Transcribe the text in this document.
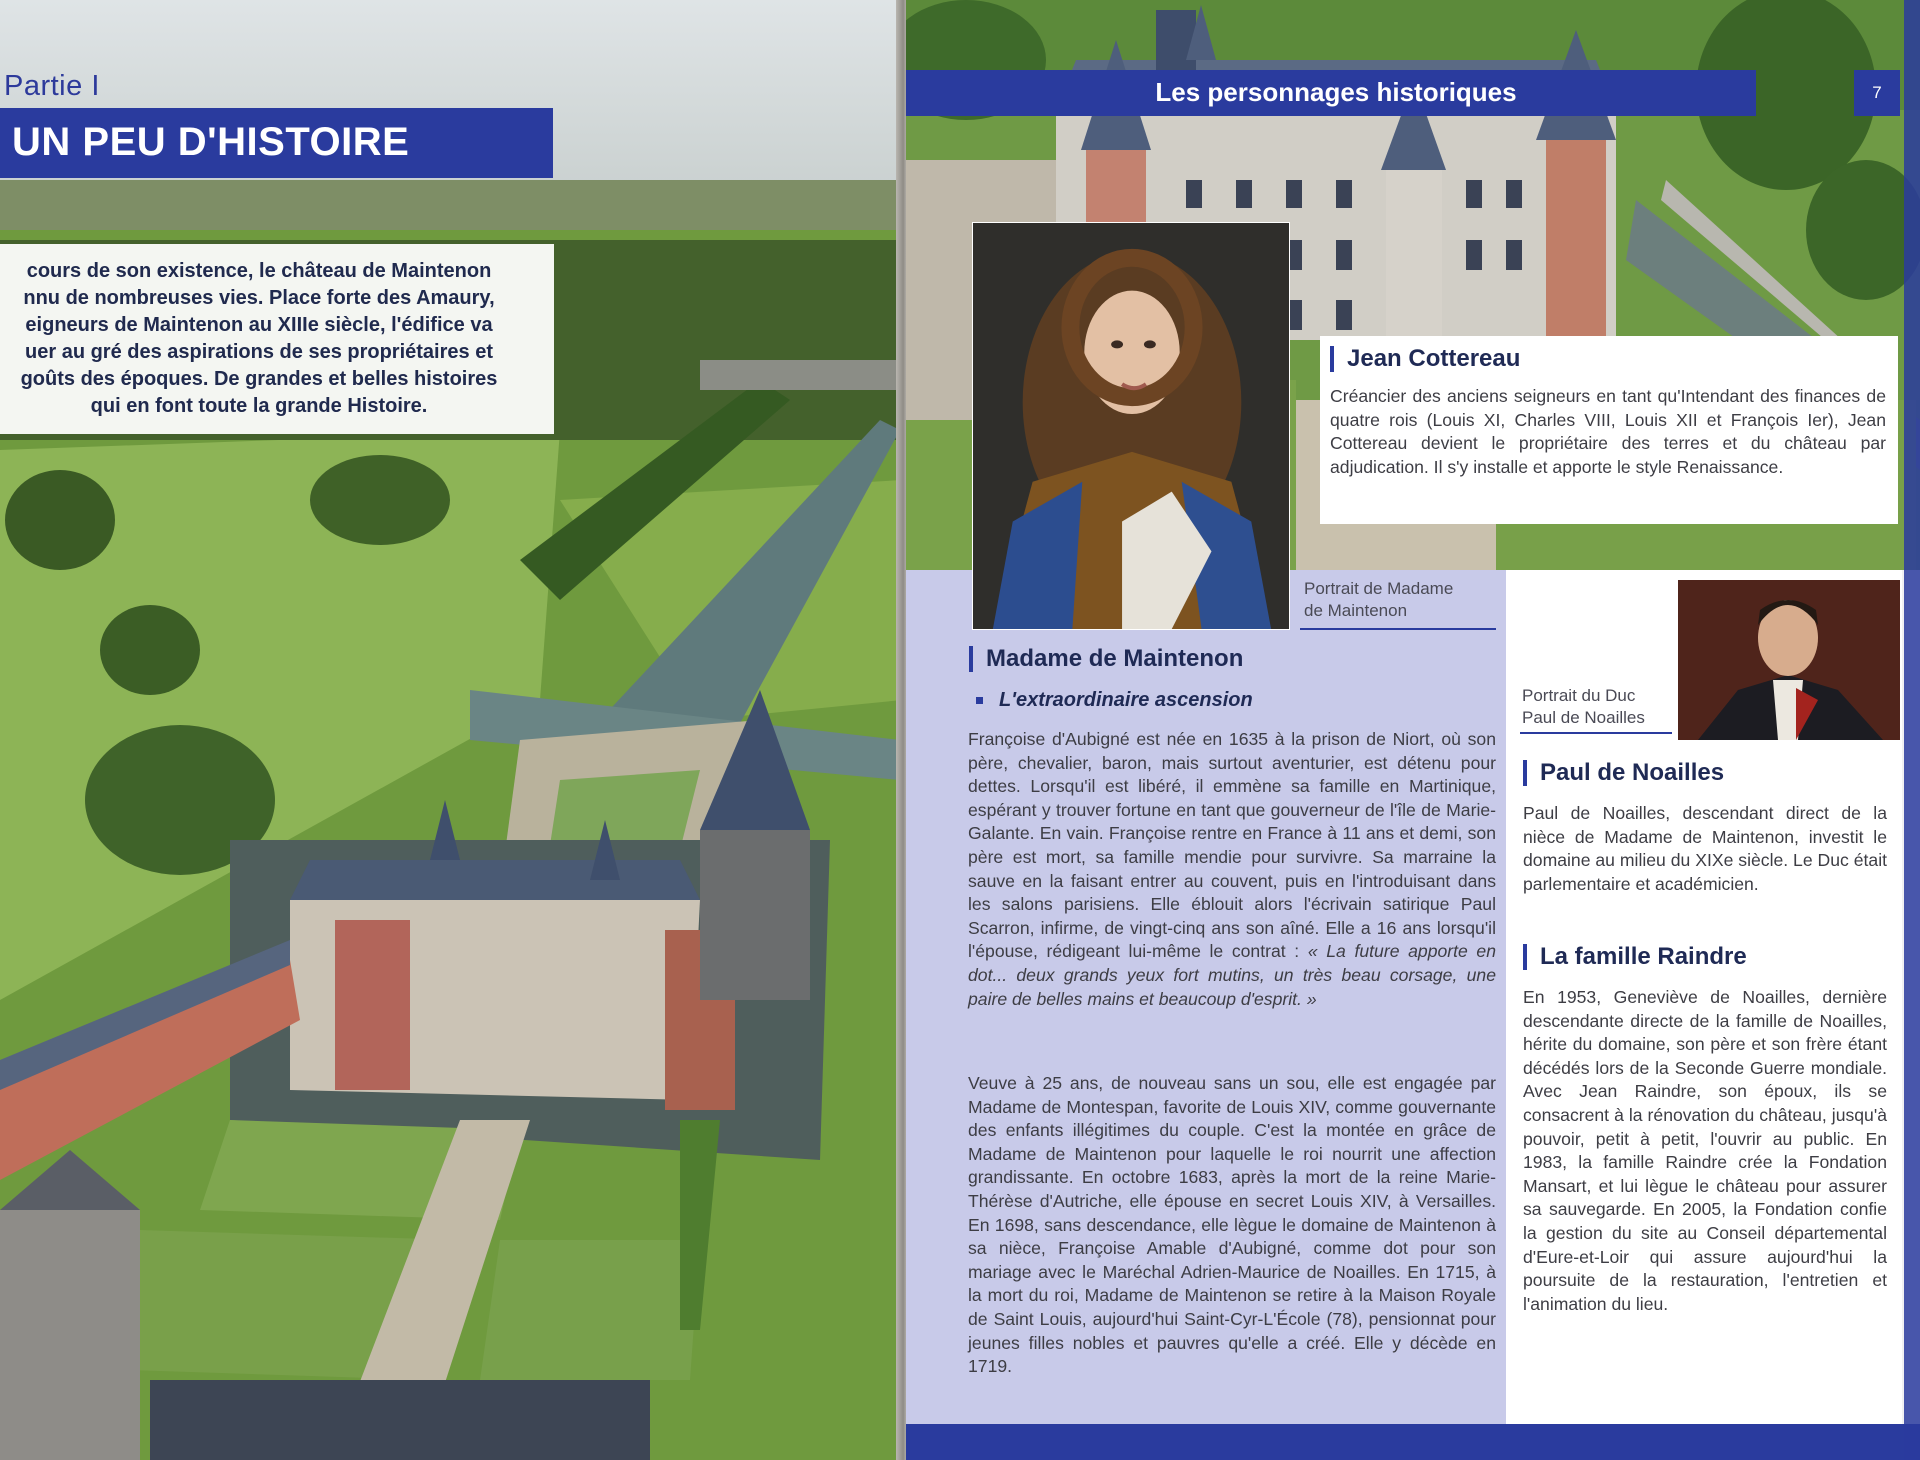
Partie I
UN PEU D'HISTOIRE
cours de son existence, le château de Maintenon
nnu de nombreuses vies. Place forte des Amaury,
eigneurs de Maintenon au XIIIe siècle, l'édifice va
uer au gré des aspirations de ses propriétaires et
goûts des époques. De grandes et belles histoires
qui en font toute la grande Histoire.
Les personnages historiques	7
Jean Cottereau
Créancier des anciens seigneurs en tant qu'Intendant des finances de quatre rois (Louis XI, Charles VIII, Louis XII et François Ier), Jean Cottereau devient le propriétaire des terres et du château par adjudication. Il s'y installe et apporte le style Renaissance.
Portrait de Madame
de Maintenon
Madame de Maintenon
L'extraordinaire ascension
Françoise d'Aubigné est née en 1635 à la prison de Niort, où son père, chevalier, baron, mais surtout aventurier, est détenu pour dettes. Lorsqu'il est libéré, il emmène sa famille en Martinique, espérant y trouver fortune en tant que gouverneur de l'île de Marie-Galante. En vain. Françoise rentre en France à 11 ans et demi, son père est mort, sa famille mendie pour survivre. Sa marraine la sauve en la faisant entrer au couvent, puis en l'introduisant dans les salons parisiens. Elle éblouit alors l'écrivain satirique Paul Scarron, infirme, de vingt-cinq ans son aîné. Elle a 16 ans lorsqu'il l'épouse, rédigeant lui-même le contrat : « La future apporte en dot... deux grands yeux fort mutins, un très beau corsage, une paire de belles mains et beaucoup d'esprit. »
Veuve à 25 ans, de nouveau sans un sou, elle est engagée par Madame de Montespan, favorite de Louis XIV, comme gouvernante des enfants illégitimes du couple. C'est la montée en grâce de Madame de Maintenon pour laquelle le roi nourrit une affection grandissante. En octobre 1683, après la mort de la reine Marie-Thérèse d'Autriche, elle épouse en secret Louis XIV, à Versailles. En 1698, sans descendance, elle lègue le domaine de Maintenon à sa nièce, Françoise Amable d'Aubigné, comme dot pour son mariage avec le Maréchal Adrien-Maurice de Noailles. En 1715, à la mort du roi, Madame de Maintenon se retire à la Maison Royale de Saint Louis, aujourd'hui Saint-Cyr-L'École (78), pensionnat pour jeunes filles nobles et pauvres qu'elle a créé. Elle y décède en 1719.
Portrait du Duc
Paul de Noailles
Paul de Noailles
Paul de Noailles, descendant direct de la nièce de Madame de Maintenon, investit le domaine au milieu du XIXe siècle. Le Duc était parlementaire et académicien.
La famille Raindre
En 1953, Geneviève de Noailles, dernière descendante directe de la famille de Noailles, hérite du domaine, son père et son frère étant décédés lors de la Seconde Guerre mondiale. Avec Jean Raindre, son époux, ils se consacrent à la rénovation du château, jusqu'à pouvoir, petit à petit, l'ouvrir au public. En 1983, la famille Raindre crée la Fondation Mansart, et lui lègue le château pour assurer sa sauvegarde. En 2005, la Fondation confie la gestion du site au Conseil départemental d'Eure-et-Loir qui assure aujourd'hui la poursuite de la restauration, l'entretien et l'animation du lieu.
